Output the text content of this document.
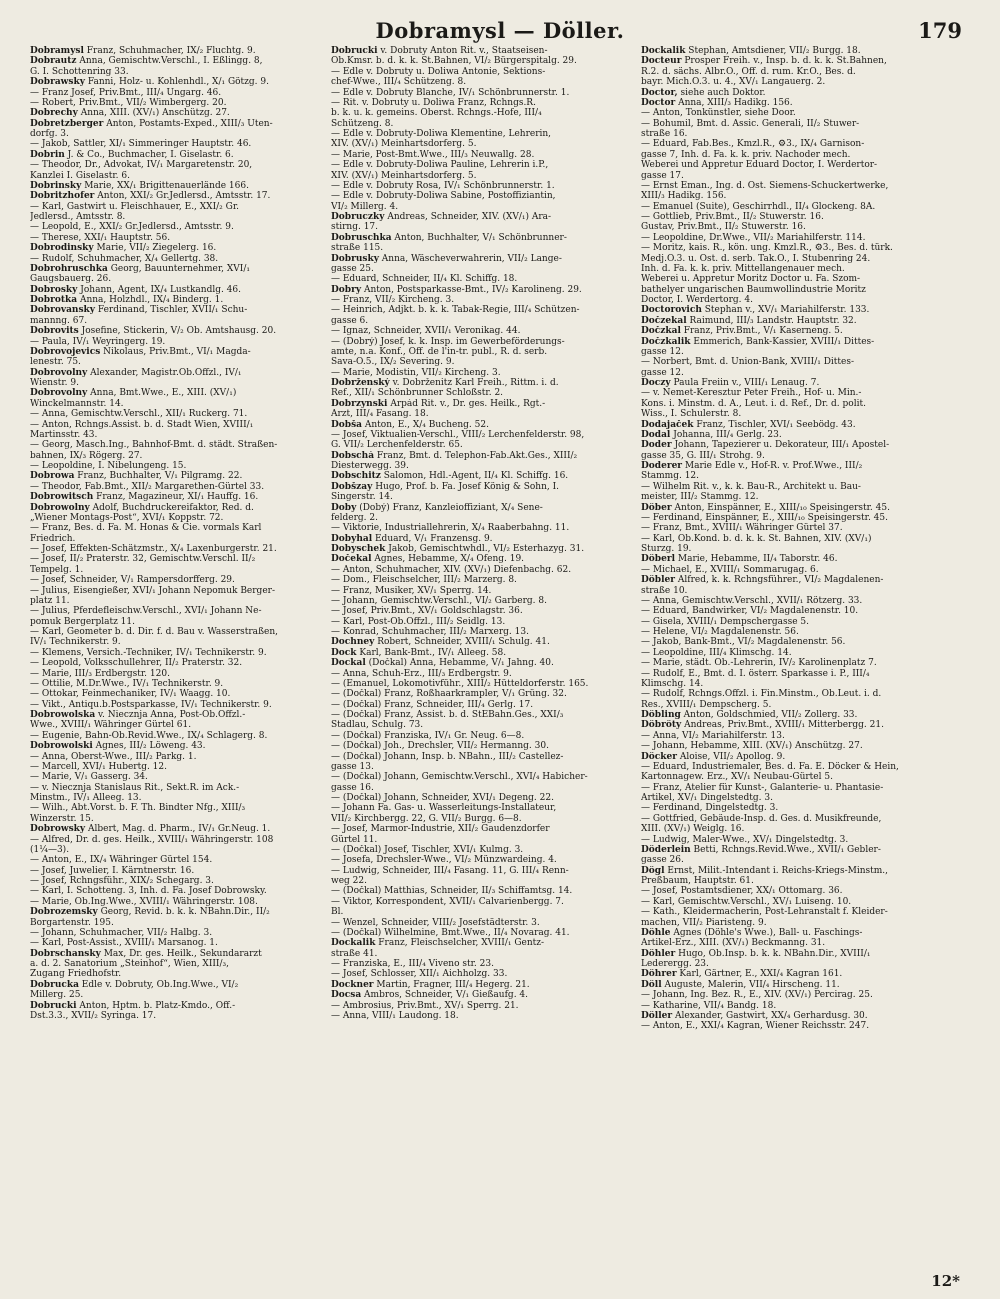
Dobramysl — Döller.	179
Dobramysl Franz, Schuhmacher, IX/₂ Fluchtg. 9.
Dobrautz Anna, Gemischtw.Verschl., I. Eßlingg. 8,
G. I. Schottenring 33.
Dobrawsky Fanni, Holz- u. Kohlenhdl., X/₁ Götzg. 9.
— Franz Josef, Priv.Bmt., III/₄ Ungarg. 46.
— Robert, Priv.Bmt., VII/₂ Wimbergerg. 20.
Dobrechy Anna, XIII. (XV/₁) Anschützg. 27.
Dobretzberger Anton, Postamts-Exped., XIII/₃ Uten-
dorfg. 3.
— Jakob, Sattler, XI/₁ Simmeringer Hauptstr. 46.
Dobrin J. & Co., Buchmacher, I. Giselastr. 6.
— Theodor, Dr., Advokat, IV/₁ Margaretenstr. 20,
Kanzlei I. Giselastr. 6.
Dobrinsky Marie, XX/₁ Brigittenauerlände 166.
Dobritzhofer Anton, XXI/₂ Gr.Jedlersd., Amtsstr. 17.
— Karl, Gastwirt u. Fleischhauer, E., XXI/₂ Gr.
Jedlersd., Amtsstr. 8.
— Leopold, E., XXI/₂ Gr.Jedlersd., Amtsstr. 9.
— Therese, XXI/₁ Hauptstr. 56.
Dobrodinsky Marie, VII/₂ Ziegelerg. 16.
— Rudolf, Schuhmacher, X/₄ Gellertg. 38.
Dobrohruschka Georg, Bauunternehmer, XVI/₁
Gaugsbauerg. 26.
Dobrosky Johann, Agent, IX/₄ Lustkandlg. 46.
Dobrotka Anna, Holzhdl., IX/₄ Binderg. 1.
Dobrovansky Ferdinand, Tischler, XVII/₁ Schu-
mannng. 67.
Dobrovits Josefine, Stickerin, V/₂ Ob. Amtshausg. 20.
— Paula, IV/₁ Weyringerg. 19.
Dobrovojevics Nikolaus, Priv.Bmt., VI/₁ Magda-
lenestr. 75.
Dobrovolny Alexander, Magistr.Ob.Offzl., IV/₁
Wienstr. 9.
Dobrovolny Anna, Bmt.Wwe., E., XIII. (XV/₁)
Winckelmannstr. 14.
— Anna, Gemischtw.Verschl., XII/₁ Ruckerg. 71.
— Anton, Rchngs.Assist. b. d. Stadt Wien, XVIII/₁
Martinsstr. 43.
— Georg, Masch.Ing., Bahnhof-Bmt. d. städt. Straßen-
bahnen, IX/₃ Rögerg. 27.
— Leopoldine, I. Nibelungeng. 15.
Dobrowa Franz, Buchhalter, V/₁ Pilgramg. 22.
— Theodor, Fab.Bmt., XII/₂ Margarethen-Gürtel 33.
Dobrowitsch Franz, Magazineur, XI/₁ Hauffg. 16.
Dobrowolny Adolf, Buchdruckereifaktor, Red. d.
„Wiener Montags-Post“, XVI/₁ Koppstr. 72.
— Franz, Bes. d. Fa. M. Honas & Cie. vormals Karl
Friedrich.
— Josef, Effekten-Schätzmstr., X/₄ Laxenburgerstr. 21.
— Josef, II/₂ Praterstr. 32, Gemischtw.Verschl. II/₂
Tempelg. 1.
— Josef, Schneider, V/₁ Rampersdorfferg. 29.
— Julius, Eisengießer, XVI/₁ Johann Nepomuk Berger-
platz 11.
— Julius, Pferdefleischw.Verschl., XVI/₁ Johann Ne-
pomuk Bergerplatz 11.
— Karl, Geometer b. d. Dir. f. d. Bau v. Wasserstraßen,
IV/₁ Technikerstr. 9.
— Klemens, Versich.-Techniker, IV/₁ Technikerstr. 9.
— Leopold, Volksschullehrer, II/₂ Praterstr. 32.
— Marie, III/₃ Erdbergstr. 120.
— Ottilie, M.Dr.Wwe., IV/₁ Technikerstr. 9.
— Ottokar, Feinmechaniker, IV/₁ Waagg. 10.
— Vikt., Antiqu.b.Postsparkasse, IV/₁ Technikerstr. 9.
Dobrowolska v. Niecznja Anna, Post-Ob.Offzl.-
Wwe., XVIII/₁ Währinger Gürtel 61.
— Eugenie, Bahn-Ob.Revid.Wwe., IX/₄ Schlagerg. 8.
Dobrowolski Agnes, III/₂ Löweng. 43.
— Anna, Oberst-Wwe., III/₂ Parkg. 1.
— Marcell, XVI/₁ Hubertg. 12.
— Marie, V/₁ Gasserg. 34.
— v. Niecznja Stanislaus Rit., Sekt.R. im Ack.-
Minstm., IV/₁ Alleeg. 13.
— Wilh., Abt.Vorst. b. F. Th. Bindter Nfg., XIII/₃
Winzerstr. 15.
Dobrowsky Albert, Mag. d. Pharm., IV/₁ Gr.Neug. 1.
— Alfred, Dr. d. ges. Heilk., XVIII/₁ Währingerstr. 108
(1¼—3).
— Anton, E., IX/₄ Währinger Gürtel 154.
— Josef, Juwelier, I. Kärntnerstr. 16.
— Josef, Rchngsführ., XIX/₂ Schegarg. 3.
— Karl, I. Schotteng. 3, Inh. d. Fa. Josef Dobrowsky.
— Marie, Ob.Ing.Wwe., XVIII/₁ Währingerstr. 108.
Dobrozemsky Georg, Revid. b. k. k. NBahn.Dir., II/₂
Borgartenstr. 195.
— Johann, Schuhmacher, VII/₂ Halbg. 3.
— Karl, Post-Assist., XVIII/₁ Marsanog. 1.
Dobrschansky Max, Dr. ges. Heilk., Sekundararzt
a. d. 2. Sanatorium „Steinhof“, Wien, XIII/₃,
Zugang Friedhofstr.
Dobrucka Edle v. Dobruty, Ob.Ing.Wwe., VI/₂
Millerg. 25.
Dobrucki Anton, Hptm. b. Platz-Kmdo., Off.-
Dst.3.3., XVII/₂ Syringa. 17.
Dobrucki v. Dobruty Anton Rit. v., Staatseisen-
Ob.Kmsr. b. d. k. k. St.Bahnen, VI/₂ Bürgerspitalg. 29.
— Edle v. Dobruty u. Doliwa Antonie, Sektions-
chef-Wwe., III/₄ Schützeng. 8.
— Edle v. Dobruty Blanche, IV/₁ Schönbrunnerstr. 1.
— Rit. v. Dobruty u. Doliwa Franz, Rchngs.R.
b. k. u. k. gemeins. Oberst. Rchngs.-Hofe, III/₄
Schützeng. 8.
— Edle v. Dobruty-Doliwa Klementine, Lehrerin,
XIV. (XV/₁) Meinhartsdorferg. 5.
— Marie, Post-Bmt.Wwe., III/₃ Neuwallg. 28.
— Edle v. Dobruty-Doliwa Pauline, Lehrerin i.P.,
XIV. (XV/₁) Meinhartsdorferg. 5.
— Edle v. Dobruty Rosa, IV/₁ Schönbrunnerstr. 1.
— Edle v. Dobruty-Doliwa Sabine, Postoffiziantin,
VI/₂ Millerg. 4.
Dobruczky Andreas, Schneider, XIV. (XV/₁) Ara-
stirng. 17.
Dobruschka Anton, Buchhalter, V/₁ Schönbrunner-
straße 115.
Dobrusky Anna, Wäscheverwahrerin, VII/₂ Lange-
gasse 25.
— Eduard, Schneider, II/₄ Kl. Schiffg. 18.
Dobry Anton, Postsparkasse-Bmt., IV/₂ Karolineng. 29.
— Franz, VII/₂ Kircheng. 3.
— Heinrich, Adjkt. b. k. k. Tabak-Regie, III/₄ Schützen-
gasse 6.
— Ignaz, Schneider, XVII/₁ Veronikag. 44.
— (Dobrý) Josef, k. k. Insp. im Gewerbeförderungs-
amte, n.a. Konf., Off. de l'in-tr. publ., R. d. serb.
Sava-O.5., IX/₂ Severing. 9.
— Marie, Modistin, VII/₂ Kircheng. 3.
Dobrženský v. Dobrženitz Karl Freih., Rittm. i. d.
Ref., XII/₁ Schönbrunner Schloßstr. 2.
Dobrzynski Arpád Rit. v., Dr. ges. Heilk., Rgt.-
Arzt, III/₄ Fasang. 18.
Dobša Anton, E., X/₄ Bucheng. 52.
— Josef, Viktualien-Verschl., VIII/₂ Lerchenfelderstr. 98,
G. VII/₂ Lerchenfelderstr. 65.
Dobschá Franz, Bmt. d. Telephon-Fab.Akt.Ges., XIII/₂
Diesterwegg. 39.
Dobschitz Salomon, Hdl.-Agent, II/₄ Kl. Schiffg. 16.
Dobšzay Hugo, Prof. b. Fa. Josef König & Sohn, I.
Singerstr. 14.
Doby (Dobý) Franz, Kanzleioffiziant, X/₄ Sene-
felderg. 2.
— Viktorie, Industriallehrerin, X/₄ Raaberbahng. 11.
Dobyhal Eduard, V/₁ Franzensg. 9.
Dobyschek Jakob, Gemischtwhdl., VI/₂ Esterhazyg. 31.
Dočekal Agnes, Hebamme, X/₄ Ofeng. 19.
— Anton, Schuhmacher, XIV. (XV/₁) Diefenbachg. 62.
— Dom., Fleischselcher, III/₂ Marzerg. 8.
— Franz, Musiker, XV/₁ Sperrg. 14.
— Johann, Gemischtw.Verschl., VI/₂ Garberg. 8.
— Josef, Priv.Bmt., XV/₁ Goldschlagstr. 36.
— Karl, Post-Ob.Offzl., III/₂ Seidlg. 13.
— Konrad, Schuhmacher, III/₂ Marxerg. 13.
Dochney Robert, Schneider, XVIII/₁ Schulg. 41.
Dock Karl, Bank-Bmt., IV/₁ Alleeg. 58.
Dockal (Dočkal) Anna, Hebamme, V/₁ Jahng. 40.
— Anna, Schuh-Erz., III/₃ Erdbergstr. 9.
— (Emanuel, Lokomotivführ., XIII/₂ Hütteldorferstr. 165.
— (Dočkal) Franz, Roßhaarkrampler, V/₁ Grüng. 32.
— (Dočkal) Franz, Schneider, III/₄ Gerlg. 17.
— (Dočkal) Franz, Assist. b. d. StEBahn.Ges., XXI/₃
Stadlau, Schulg. 73.
— (Dočkal) Franziska, IV/₁ Gr. Neug. 6—8.
— (Dočkal) Joh., Drechsler, VII/₂ Hermanng. 30.
— (Dočkal) Johann, Insp. b. NBahn., III/₂ Castellez-
gasse 13.
— (Dočkal) Johann, Gemischtw.Verschl., XVI/₄ Habicher-
gasse 16.
— (Dočkal) Johann, Schneider, XVI/₁ Degeng. 22.
— Johann Fa. Gas- u. Wasserleitungs-Installateur,
VII/₂ Kirchbergg. 22, G. VII/₂ Burgg. 6—8.
— Josef, Marmor-Industrie, XII/₂ Gaudenzdorfer
Gürtel 11.
— (Dočkal) Josef, Tischler, XVI/₁ Kulmg. 3.
— Josefa, Drechsler-Wwe., VI/₂ Münzwardeing. 4.
— Ludwig, Schneider, III/₄ Fasang. 11, G. III/₄ Renn-
weg 22.
— (Dočkal) Matthias, Schneider, II/₃ Schiffamtsg. 14.
— Viktor, Korrespondent, XVII/₁ Calvarienbergg. 7.
Bl.
— Wenzel, Schneider, VIII/₂ Josefstädterstr. 3.
— (Dočkal) Wilhelmine, Bmt.Wwe., II/₄ Novarag. 41.
Dockalik Franz, Fleischselcher, XVIII/₁ Gentz-
straße 41.
— Franziska, E., III/₄ Viveno str. 23.
— Josef, Schlosser, XII/₁ Aichholzg. 33.
Dockner Martin, Fragner, III/₄ Hegerg. 21.
Docsa Ambros, Schneider, V/₁ Gießaufg. 4.
— Ambrosius, Priv.Bmt., XV/₁ Sperrg. 21.
— Anna, VIII/₁ Laudong. 18.
Dockalik Stephan, Amtsdiener, VII/₂ Burgg. 18.
Docteur Prosper Freih. v., Insp. b. d. k. k. St.Bahnen,
R.2. d. sächs. Albr.O., Off. d. rum. Kr.O., Bes. d.
bayr. Mich.O.3. u. 4., XV/₁ Langauerg. 2.
Doctor, siehe auch Doktor.
Doctor Anna, XIII/₃ Hadikg. 156.
— Anton, Tonkünstler, siehe Door.
— Bohumil, Bmt. d. Assic. Generali, II/₂ Stuwer-
straße 16.
— Eduard, Fab.Bes., Kmzl.R., ⚙3., IX/₄ Garnison-
gasse 7, Inh. d. Fa. k. k. priv. Nachoder mech.
Weberei und Appretur Eduard Doctor, I. Werdertor-
gasse 17.
— Ernst Eman., Ing. d. Öst. Siemens-Schuckertwerke,
XIII/₃ Hadikg. 156.
— Emanuel (Suite), Geschirrhdl., II/₄ Glockeng. 8A.
— Gottlieb, Priv.Bmt., II/₂ Stuwerstr. 16.
Gustav, Priv.Bmt., II/₂ Stuwerstr. 16.
— Leopoldine, Dr.Wwe., VII/₂ Mariahilferstr. 114.
— Moritz, kais. R., kön. ung. Kmzl.R., ⚙3., Bes. d. türk.
Medj.O.3. u. Öst. d. serb. Tak.O., I. Stubenring 24.
Inh. d. Fa. k. k. priv. Mittellangenauer mech.
Weberei u. Appretur Moritz Doctor u. Fa. Szom-
bathelyer ungarischen Baumwollindustrie Moritz
Doctor, I. Werdertorg. 4.
Doctorovich Stephan v., XV/₁ Mariahilferstr. 133.
Dočzekal Raimund, III/₃ Landstr. Hauptstr. 32.
Dočzkal Franz, Priv.Bmt., V/₁ Kaserneng. 5.
Dočzkalik Emmerich, Bank-Kassier, XVIII/₁ Dittes-
gasse 12.
— Norbert, Bmt. d. Union-Bank, XVIII/₁ Dittes-
gasse 12.
Doczy Paula Freiin v., VIII/₁ Lenaug. 7.
— v. Nemet-Keresztur Peter Freih., Hof- u. Min.-
Kons. i. Minstm. d. Ä., Leut. i. d. Ref., Dr. d. polit.
Wiss., I. Schulerstr. 8.
Dodajaček Franz, Tischler, XVI/₁ Seebödg. 43.
Dodal Johanna, III/₄ Gerlg. 23.
Doder Johann, Tapezierer u. Dekorateur, III/₁ Apostel-
gasse 35, G. III/₁ Strohg. 9.
Doderer Marie Edle v., Hof-R. v. Prof.Wwe., III/₂
Stammg. 12.
— Wilhelm Rit. v., k. k. Bau-R., Architekt u. Bau-
meister, III/₂ Stammg. 12.
Döber Anton, Einspänner, E., XIII/₁₀ Speisingerstr. 45.
— Ferdinand, Einspänner, E., XIII/₁₀ Speisingerstr. 45.
— Franz, Bmt., XVIII/₁ Währinger Gürtel 37.
— Karl, Ob.Kond. b. d. k. k. St. Bahnen, XIV. (XV/₁)
Sturzg. 19.
Döberl Marie, Hebamme, II/₄ Taborstr. 46.
— Michael, E., XVIII/₁ Sommarugag. 6.
Döbler Alfred, k. k. Rchngsführer., VI/₂ Magdalenen-
straße 10.
— Anna, Gemischtw.Verschl., XVII/₁ Rötzerg. 33.
— Eduard, Bandwirker, VI/₂ Magdalenenstr. 10.
— Gisela, XVIII/₁ Dempschergasse 5.
— Helene, VI/₂ Magdalenenstr. 56.
— Jakob, Bank-Bmt., VI/₂ Magdalenenstr. 56.
— Leopoldine, III/₄ Klimschg. 14.
— Marie, städt. Ob.-Lehrerin, IV/₂ Karolinenplatz 7.
— Rudolf, E., Bmt. d. I. österr. Sparkasse i. P., III/₄
Klimschg. 14.
— Rudolf, Rchngs.Offzl. i. Fin.Minstm., Ob.Leut. i. d.
Res., XVIII/₁ Dempscherg. 5.
Döbling Anton, Goldschmied, VII/₂ Zollerg. 33.
Döbröty Andreas, Priv.Bmt., XVIII/₁ Mitterbergg. 21.
— Anna, VI/₂ Mariahilferstr. 13.
— Johann, Hebamme, XIII. (XV/₁) Anschützg. 27.
Döcker Aloise, VII/₂ Apollog. 9.
— Eduard, Industriemaler, Bes. d. Fa. E. Döcker & Hein,
Kartonnagew. Erz., XV/₁ Neubau-Gürtel 5.
— Franz, Atelier für Kunst-, Galanterie- u. Phantasie-
Artikel, XV/₁ Dingelstedtg. 3.
— Ferdinand, Dingelstedtg. 3.
— Gottfried, Gebäude-Insp. d. Ges. d. Musikfreunde,
XIII. (XV/₁) Weiglg. 16.
— Ludwig, Maler-Wwe., XV/₁ Dingelstedtg. 3.
Döderlein Betti, Rchngs.Revid.Wwe., XVII/₁ Gebler-
gasse 26.
Dögl Ernst, Milit.-Intendant i. Reichs-Kriegs-Minstm.,
Preßbaum, Hauptstr. 61.
— Josef, Postamtsdiener, XX/₁ Ottomarg. 36.
— Karl, Gemischtw.Verschl., XV/₁ Luiseng. 10.
— Kath., Kleidermacherin, Post-Lehranstalt f. Kleider-
machen, VII/₂ Piaristeng. 9.
Döhle Agnes (Döhle's Wwe.), Ball- u. Faschings-
Artikel-Erz., XIII. (XV/₁) Beckmanng. 31.
Döhler Hugo, Ob.Insp. b. k. k. NBahn.Dir., XVIII/₁
Lederergg. 23.
Döhrer Karl, Gärtner, E., XXI/₄ Kagran 161.
Döll Auguste, Malerin, VII/₄ Hirscheng. 11.
— Johann, Ing. Bez. R., E., XIV. (XV/₁) Percirag. 25.
— Katharine, VII/₄ Bandg. 18.
Döller Alexander, Gastwirt, XX/₄ Gerhardusg. 30.
— Anton, E., XXI/₄ Kagran, Wiener Reichsstr. 247.
12*
